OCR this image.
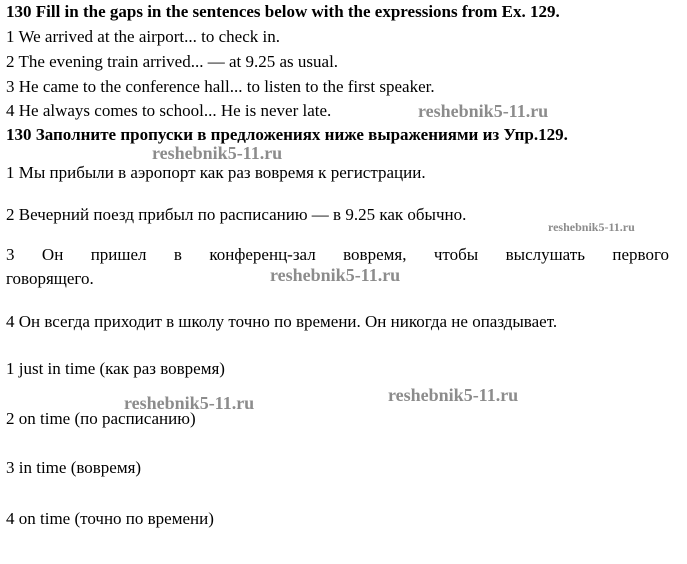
130 Fill in the gaps in the sentences below with the expressions from Ex. 129.
1 We arrived at the airport... to check in.
2 The evening train arrived... — at 9.25 as usual.
3 He came to the conference hall... to listen to the first speaker.
4 He always comes to school... He is never late.
130 Заполните пропуски в предложениях ниже выражениями из Упр.129.
1 Мы прибыли в аэропорт как раз вовремя к регистрации.
2 Вечерний поезд прибыл по расписанию — в 9.25 как обычно.
3 Он пришел в конференц-зал вовремя, чтобы выслушать первого
говорящего.
4 Он всегда приходит в школу точно по времени. Он никогда не опаздывает.
1 just in time (как раз вовремя)
2 on time (по расписанию)
3 in time (вовремя)
4 on time (точно по времени)
reshebnik5-11.ru
reshebnik5-11.ru
reshebnik5-11.ru
reshebnik5-11.ru
reshebnik5-11.ru
reshebnik5-11.ru
